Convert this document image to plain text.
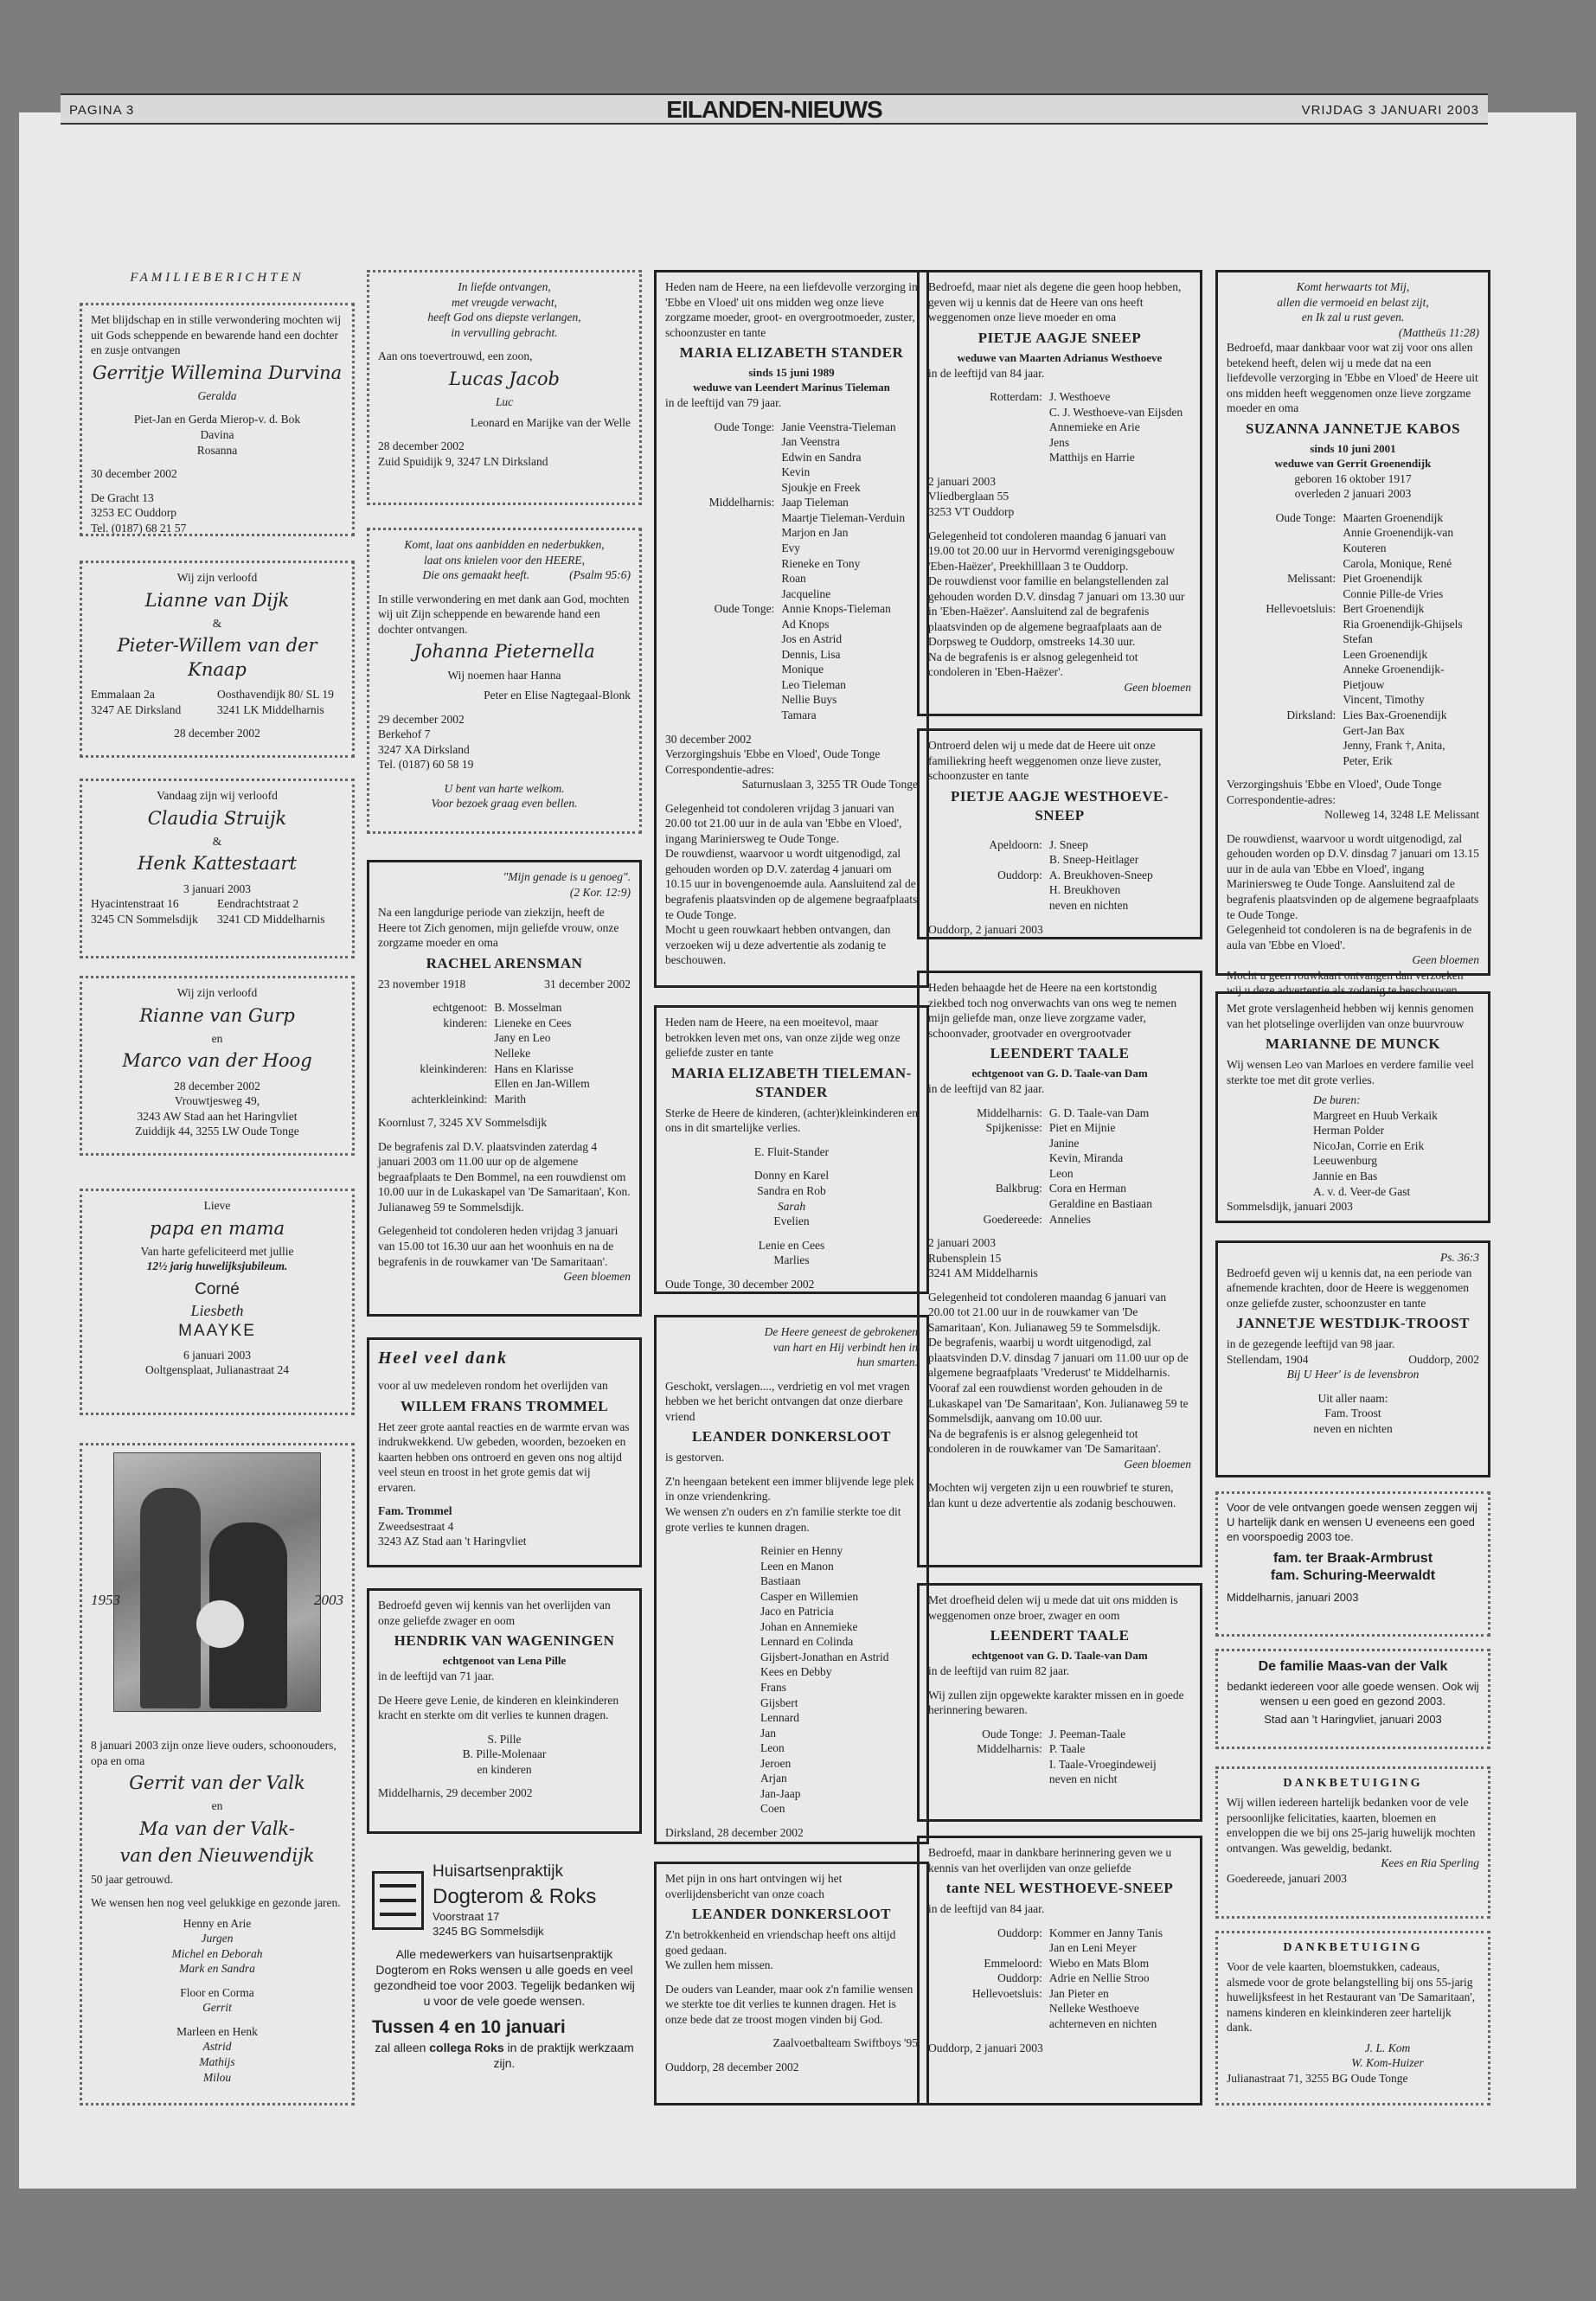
PAGINA 3	EILANDEN-NIEUWS	VRIJDAG 3 JANUARI 2003
FAMILIEBERICHTEN
Met blijdschap en in stille verwondering mochten wij uit Gods scheppende en bewarende hand een dochter en zusje ontvangen
Gerritje Willemina Durvina
Geralda
Piet-Jan en Gerda Mierop-v. d. Bok
Davina
Rosanna
30 december 2002
De Gracht 13
3253 EC Ouddorp
Tel. (0187) 68 21 57
Wij zijn verloofd
Lianne van Dijk
&
Pieter-Willem van der Knaap
Emmalaan 2a	Oosthavendijk 80/ SL 19
3247 AE Dirksland	3241 LK Middelharnis
28 december 2002
Vandaag zijn wij verloofd
Claudia Struijk
&
Henk Kattestaart
3 januari 2003
Hyacintenstraat 16	Eendrachtstraat 2
3245 CN Sommelsdijk	3241 CD Middelharnis
Wij zijn verloofd
Rianne van Gurp
en
Marco van der Hoog
28 december 2002
Vrouwtjesweg 49,
3243 AW Stad aan het Haringvliet
Zuiddijk 44, 3255 LW Oude Tonge
Lieve
papa en mama
Van harte gefeliciteerd met jullie
12½ jarig huwelijksjubileum.
Corné
Liesbeth
MAAYKE
6 januari 2003
Ooltgensplaat, Julianastraat 24
1953	2003
8 januari 2003 zijn onze lieve ouders, schoonouders, opa en oma
Gerrit van der Valk
en
Ma van der Valk-
van den Nieuwendijk
50 jaar getrouwd.
We wensen hen nog veel gelukkige en gezonde jaren.
Henny en Arie
Jurgen
Michel en Deborah
Mark en Sandra
Floor en Corma
Gerrit
Marleen en Henk
Astrid
Mathijs
Milou
In liefde ontvangen,
met vreugde verwacht,
heeft God ons diepste verlangen,
in vervulling gebracht.
Aan ons toevertrouwd, een zoon,
Lucas Jacob
Luc
Leonard en Marijke van der Welle
28 december 2002
Zuid Spuidijk 9, 3247 LN Dirksland
Komt, laat ons aanbidden en nederbukken,
laat ons knielen voor den HEERE,
Die ons gemaakt heeft.	(Psalm 95:6)
In stille verwondering en met dank aan God, mochten wij uit Zijn scheppende en bewarende hand een dochter ontvangen.
Johanna Pieternella
Wij noemen haar Hanna
Peter en Elise Nagtegaal-Blonk
29 december 2002
Berkehof 7
3247 XA Dirksland
Tel. (0187) 60 58 19
U bent van harte welkom.
Voor bezoek graag even bellen.
"Mijn genade is u genoeg".
(2 Kor. 12:9)
Na een langdurige periode van ziekzijn, heeft de Heere tot Zich genomen, mijn geliefde vrouw, onze zorgzame moeder en oma
RACHEL ARENSMAN
23 november 1918	31 december 2002
echtgenoot: B. Mosselman
kinderen: Lieneke en Cees
Jany en Leo
Nelleke
kleinkinderen: Hans en Klarisse
Ellen en Jan-Willem
achterkleinkind: Marith
Koornlust 7, 3245 XV Sommelsdijk
De begrafenis zal D.V. plaatsvinden zaterdag 4 januari 2003 om 11.00 uur op de algemene begraafplaats te Den Bommel, na een rouwdienst om 10.00 uur in de Lukaskapel van 'De Samaritaan', Kon. Julianaweg 59 te Sommelsdijk.
Gelegenheid tot condoleren heden vrijdag 3 januari van 15.00 tot 16.30 uur aan het woonhuis en na de begrafenis in de rouwkamer van 'De Samaritaan'.
Geen bloemen
Heel veel dank
voor al uw medeleven rondom het overlijden van
WILLEM FRANS TROMMEL
Het zeer grote aantal reacties en de warmte ervan was indrukwekkend. Uw gebeden, woorden, bezoeken en kaarten hebben ons ontroerd en geven ons nog altijd veel steun en troost in het grote gemis dat wij ervaren.
Fam. Trommel
Zweedsestraat 4
3243 AZ Stad aan 't Haringvliet
Bedroefd geven wij kennis van het overlijden van onze geliefde zwager en oom
HENDRIK VAN WAGENINGEN
echtgenoot van Lena Pille
in de leeftijd van 71 jaar.
De Heere geve Lenie, de kinderen en kleinkinderen kracht en sterkte om dit verlies te kunnen dragen.
S. Pille
B. Pille-Molenaar
en kinderen
Middelharnis, 29 december 2002
Huisartsenpraktijk
Dogterom & Roks
Voorstraat 17
3245 BG Sommelsdijk
Alle medewerkers van huisartsenpraktijk Dogterom en Roks wensen u alle goeds en veel gezondheid toe voor 2003. Tegelijk bedanken wij u voor de vele goede wensen.
Tussen 4 en 10 januari
zal alleen collega Roks in de praktijk werkzaam zijn.
Heden nam de Heere, na een liefdevolle verzorging in 'Ebbe en Vloed' uit ons midden weg onze lieve zorgzame moeder, groot- en overgrootmoeder, zuster, schoonzuster en tante
MARIA ELIZABETH STANDER
sinds 15 juni 1989
weduwe van Leendert Marinus Tieleman
in de leeftijd van 79 jaar.
Oude Tonge: Janie Veenstra-Tieleman
Jan Veenstra
Edwin en Sandra
Kevin
Sjoukje en Freek
Middelharnis: Jaap Tieleman
Maartje Tieleman-Verduin
Marjon en Jan
Evy
Rieneke en Tony
Roan
Jacqueline
Oude Tonge: Annie Knops-Tieleman
Ad Knops
Jos en Astrid
Dennis, Lisa
Monique
Leo Tieleman
Nellie Buys
Tamara
30 december 2002
Verzorgingshuis 'Ebbe en Vloed', Oude Tonge
Correspondentie-adres:
Saturnuslaan 3, 3255 TR Oude Tonge
Gelegenheid tot condoleren vrijdag 3 januari van 20.00 tot 21.00 uur in de aula van 'Ebbe en Vloed', ingang Mariniersweg te Oude Tonge.
De rouwdienst, waarvoor u wordt uitgenodigd, zal gehouden worden op D.V. zaterdag 4 januari om 10.15 uur in bovengenoemde aula. Aansluitend zal de begrafenis plaatsvinden op de algemene begraafplaats te Oude Tonge.
Mocht u geen rouwkaart hebben ontvangen, dan verzoeken wij u deze advertentie als zodanig te beschouwen.
Heden nam de Heere, na een moeitevol, maar betrokken leven met ons, van onze zijde weg onze geliefde zuster en tante
MARIA ELIZABETH TIELEMAN-STANDER
Sterke de Heere de kinderen, (achter)kleinkinderen en ons in dit smartelijke verlies.
E. Fluit-Stander
Donny en Karel
Sandra en Rob
Sarah
Evelien
Lenie en Cees
Marlies
Oude Tonge, 30 december 2002
De Heere geneest de gebrokenen
van hart en Hij verbindt hen in
hun smarten.
Geschokt, verslagen...., verdrietig en vol met vragen hebben we het bericht ontvangen dat onze dierbare vriend
LEANDER DONKERSLOOT
is gestorven.
Z'n heengaan betekent een immer blijvende lege plek in onze vriendenkring.
We wensen z'n ouders en z'n familie sterkte toe dit grote verlies te kunnen dragen.
Reinier en Henny
Leen en Manon
Bastiaan
Casper en Willemien
Jaco en Patricia
Johan en Annemieke
Lennard en Colinda
Gijsbert-Jonathan en Astrid
Kees en Debby
Frans
Gijsbert
Lennard
Jan
Leon
Jeroen
Arjan
Jan-Jaap
Coen
Dirksland, 28 december 2002
Met pijn in ons hart ontvingen wij het overlijdensbericht van onze coach
LEANDER DONKERSLOOT
Z'n betrokkenheid en vriendschap heeft ons altijd goed gedaan.
We zullen hem missen.
De ouders van Leander, maar ook z'n familie wensen we sterkte toe dit verlies te kunnen dragen. Het is onze bede dat ze troost mogen vinden bij God.
Zaalvoetbalteam Swiftboys '95
Ouddorp, 28 december 2002
Bedroefd, maar niet als degene die geen hoop hebben, geven wij u kennis dat de Heere van ons heeft weggenomen onze lieve moeder en oma
PIETJE AAGJE SNEEP
weduwe van Maarten Adrianus Westhoeve
in de leeftijd van 84 jaar.
Rotterdam: J. Westhoeve
C. J. Westhoeve-van Eijsden
Annemieke en Arie
Jens
Matthijs en Harrie
2 januari 2003
Vliedberglaan 55
3253 VT Ouddorp
Gelegenheid tot condoleren maandag 6 januari van 19.00 tot 20.00 uur in Hervormd verenigingsgebouw 'Eben-Haëzer', Preekhilllaan 3 te Ouddorp.
De rouwdienst voor familie en belangstellenden zal gehouden worden D.V. dinsdag 7 januari om 13.30 uur in 'Eben-Haëzer'. Aansluitend zal de begrafenis plaatsvinden op de algemene begraafplaats aan de Dorpsweg te Ouddorp, omstreeks 14.30 uur.
Na de begrafenis is er alsnog gelegenheid tot condoleren in 'Eben-Haëzer'.
Geen bloemen
Ontroerd delen wij u mede dat de Heere uit onze familiekring heeft weggenomen onze lieve zuster, schoonzuster en tante
PIETJE AAGJE WESTHOEVE-SNEEP
Apeldoorn: J. Sneep
B. Sneep-Heitlager
Ouddorp: A. Breukhoven-Sneep
H. Breukhoven
neven en nichten
Ouddorp, 2 januari 2003
Heden behaagde het de Heere na een kortstondig ziekbed toch nog onverwachts van ons weg te nemen mijn geliefde man, onze lieve zorgzame vader, schoonvader, grootvader en overgrootvader
LEENDERT TAALE
echtgenoot van G. D. Taale-van Dam
in de leeftijd van 82 jaar.
Middelharnis: G. D. Taale-van Dam
Spijkenisse: Piet en Mijnie
Janine
Kevin, Miranda
Leon
Balkbrug: Cora en Herman
Geraldine en Bastiaan
Goedereede: Annelies
2 januari 2003
Rubensplein 15
3241 AM Middelharnis
Gelegenheid tot condoleren maandag 6 januari van 20.00 tot 21.00 uur in de rouwkamer van 'De Samaritaan', Kon. Julianaweg 59 te Sommelsdijk.
De begrafenis, waarbij u wordt uitgenodigd, zal plaatsvinden D.V. dinsdag 7 januari om 11.00 uur op de algemene begraafplaats 'Vrederust' te Middelharnis. Vooraf zal een rouwdienst worden gehouden in de Lukaskapel van 'De Samaritaan', Kon. Julianaweg 59 te Sommelsdijk, aanvang om 10.00 uur.
Na de begrafenis is er alsnog gelegenheid tot condoleren in de rouwkamer van 'De Samaritaan'.
Geen bloemen
Mochten wij vergeten zijn u een rouwbrief te sturen, dan kunt u deze advertentie als zodanig beschouwen.
Met droefheid delen wij u mede dat uit ons midden is weggenomen onze broer, zwager en oom
LEENDERT TAALE
echtgenoot van G. D. Taale-van Dam
in de leeftijd van ruim 82 jaar.
Wij zullen zijn opgewekte karakter missen en in goede herinnering bewaren.
Oude Tonge: J. Peeman-Taale
Middelharnis: P. Taale
I. Taale-Vroegindeweij
neven en nicht
Bedroefd, maar in dankbare herinnering geven we u kennis van het overlijden van onze geliefde
tante NEL WESTHOEVE-SNEEP
in de leeftijd van 84 jaar.
Ouddorp: Kommer en Janny Tanis
Jan en Leni Meyer
Emmeloord: Wiebo en Mats Blom
Ouddorp: Adrie en Nellie Stroo
Hellevoetsluis: Jan Pieter en
Nelleke Westhoeve
achterneven en nichten
Ouddorp, 2 januari 2003
Komt herwaarts tot Mij,
allen die vermoeid en belast zijt,
en Ik zal u rust geven.
(Mattheüs 11:28)
Bedroefd, maar dankbaar voor wat zij voor ons allen betekend heeft, delen wij u mede dat na een liefdevolle verzorging in 'Ebbe en Vloed' de Heere uit ons midden heeft weggenomen onze lieve zorgzame moeder en oma
SUZANNA JANNETJE KABOS
sinds 10 juni 2001
weduwe van Gerrit Groenendijk
geboren 16 oktober 1917
overleden 2 januari 2003
Oude Tonge: Maarten Groenendijk
Annie Groenendijk-van Kouteren
Carola, Monique, René
Melissant: Piet Groenendijk
Connie Pille-de Vries
Hellevoetsluis: Bert Groenendijk
Ria Groenendijk-Ghijsels
Stefan
Leen Groenendijk
Anneke Groenendijk-Pietjouw
Vincent, Timothy
Dirksland: Lies Bax-Groenendijk
Gert-Jan Bax
Jenny, Frank †, Anita,
Peter, Erik
Verzorgingshuis 'Ebbe en Vloed', Oude Tonge
Correspondentie-adres:
Nolleweg 14, 3248 LE Melissant
De rouwdienst, waarvoor u wordt uitgenodigd, zal gehouden worden op D.V. dinsdag 7 januari om 13.15 uur in de aula van 'Ebbe en Vloed', ingang Mariniersweg te Oude Tonge. Aansluitend zal de begrafenis plaatsvinden op de algemene begraafplaats te Oude Tonge.
Gelegenheid tot condoleren is na de begrafenis in de aula van 'Ebbe en Vloed'.
Geen bloemen
Mocht u geen rouwkaart ontvangen dan verzoeken wij u deze advertentie als zodanig te beschouwen.
Met grote verslagenheid hebben wij kennis genomen van het plotselinge overlijden van onze buurvrouw
MARIANNE DE MUNCK
Wij wensen Leo van Marloes en verdere familie veel sterkte toe met dit grote verlies.
De buren:
Margreet en Huub Verkaik
Herman Polder
NicoJan, Corrie en Erik Leeuwenburg
Jannie en Bas
A. v. d. Veer-de Gast
Sommelsdijk, januari 2003
Ps. 36:3
Bedroefd geven wij u kennis dat, na een periode van afnemende krachten, door de Heere is weggenomen onze geliefde zuster, schoonzuster en tante
JANNETJE WESTDIJK-TROOST
in de gezegende leeftijd van 98 jaar.
Stellendam, 1904	Ouddorp, 2002
Bij U Heer' is de levensbron
Uit aller naam:
Fam. Troost
neven en nichten
Voor de vele ontvangen goede wensen zeggen wij U hartelijk dank en wensen U eveneens een goed en voorspoedig 2003 toe.
fam. ter Braak-Armbrust
fam. Schuring-Meerwaldt
Middelharnis, januari 2003
De familie Maas-van der Valk
bedankt iedereen voor alle goede wensen. Ook wij wensen u een goed en gezond 2003.
Stad aan 't Haringvliet, januari 2003
DANKBETUIGING
Wij willen iedereen hartelijk bedanken voor de vele persoonlijke felicitaties, kaarten, bloemen en enveloppen die we bij ons 25-jarig huwelijk mochten ontvangen. Was geweldig, bedankt.
Kees en Ria Sperling
Goedereede, januari 2003
DANKBETUIGING
Voor de vele kaarten, bloemstukken, cadeaus, alsmede voor de grote belangstelling bij ons 55-jarig huwelijksfeest in het Restaurant van 'De Samaritaan', namens kinderen en kleinkinderen zeer hartelijk dank.
J. L. Kom
W. Kom-Huizer
Julianastraat 71, 3255 BG Oude Tonge
